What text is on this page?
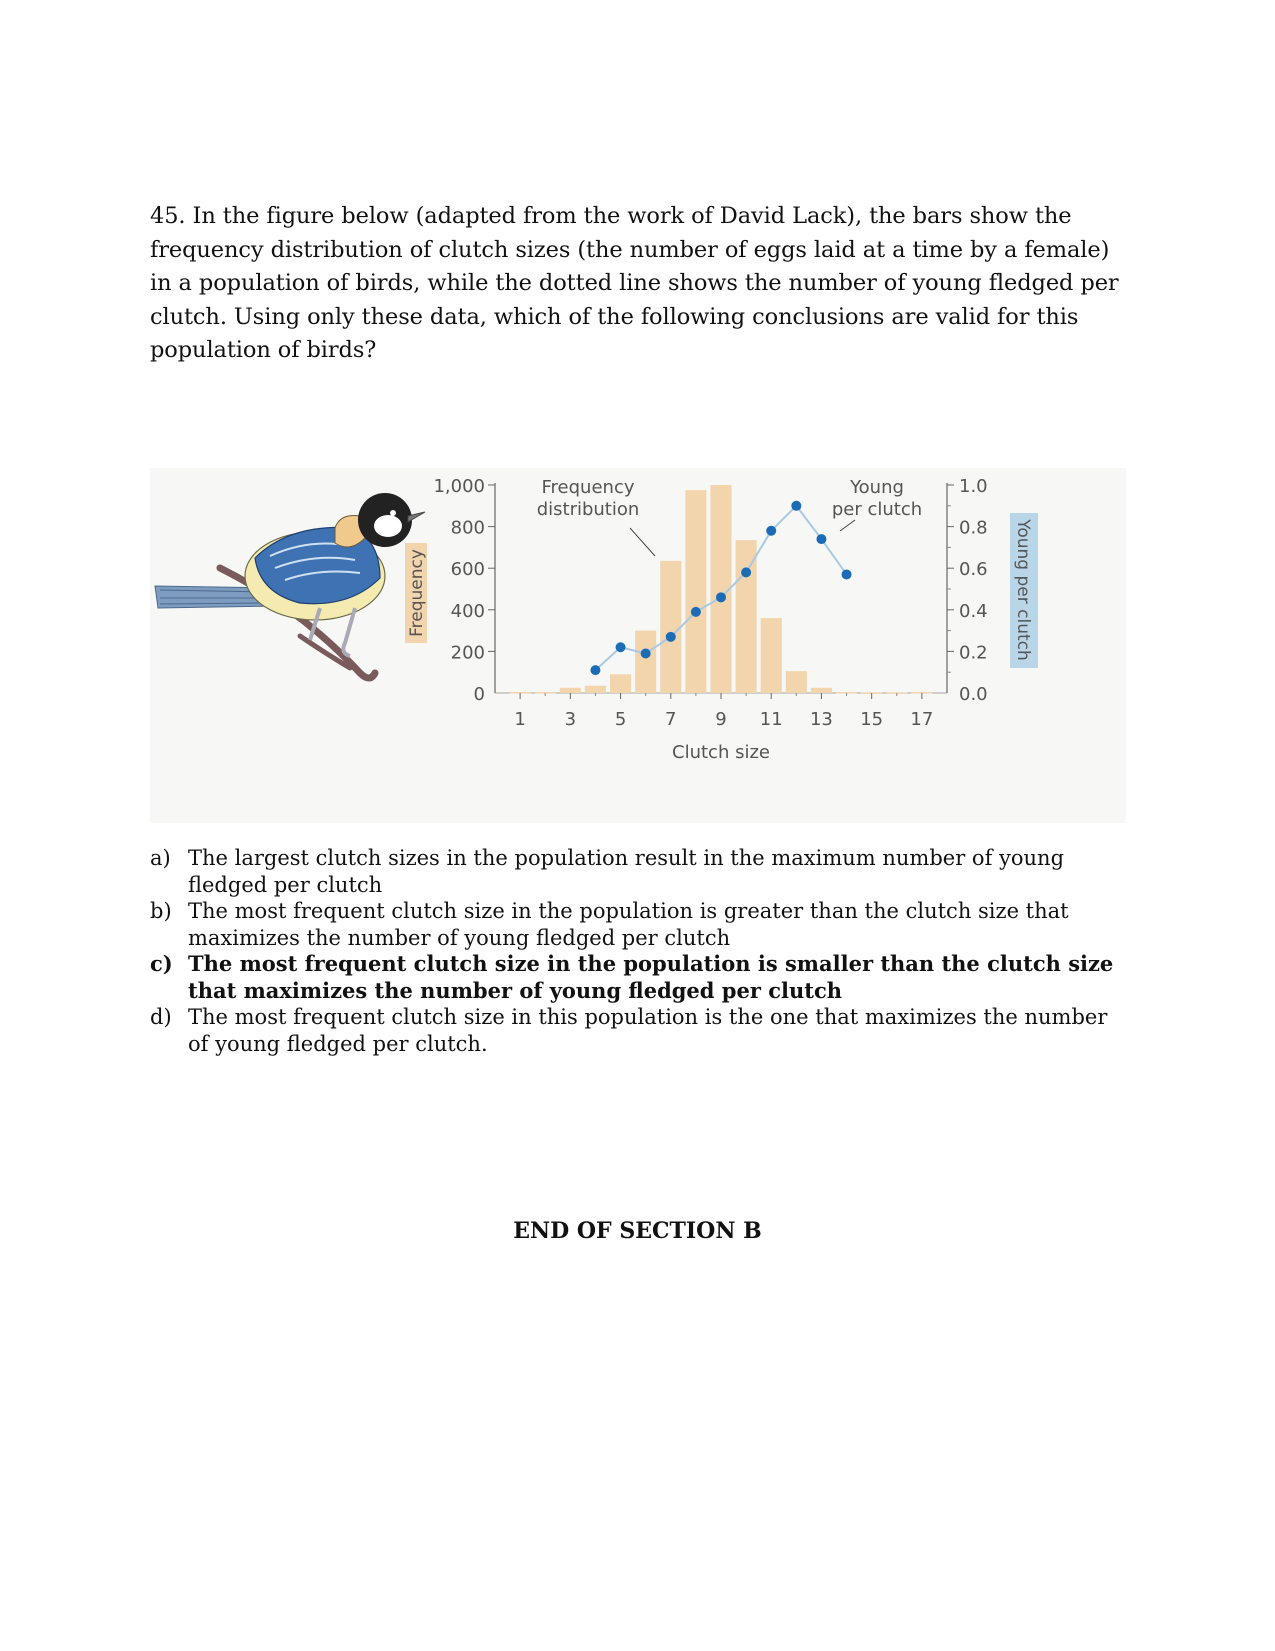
45. In the figure below (adapted from the work of David Lack), the bars show the frequency distribution of clutch sizes (the number of eggs laid at a time by a female) in a population of birds, while the dotted line shows the number of young fledged per clutch. Using only these data, which of the following conclusions are valid for this population of birds?
Frequency	Young per clutch
1 3 5 7 9 11 13 15 17
1,000
800
600
400
200
0
1.0
0.8
0.6
0.4
0.2
0.0
Frequency distribution
Young per clutch
Clutch size
a) The largest clutch sizes in the population result in the maximum number of young fledged per clutch
b) The most frequent clutch size in the population is greater than the clutch size that maximizes the number of young fledged per clutch
c) The most frequent clutch size in the population is smaller than the clutch size that maximizes the number of young fledged per clutch
d) The most frequent clutch size in this population is the one that maximizes the number of young fledged per clutch.
END OF SECTION B
